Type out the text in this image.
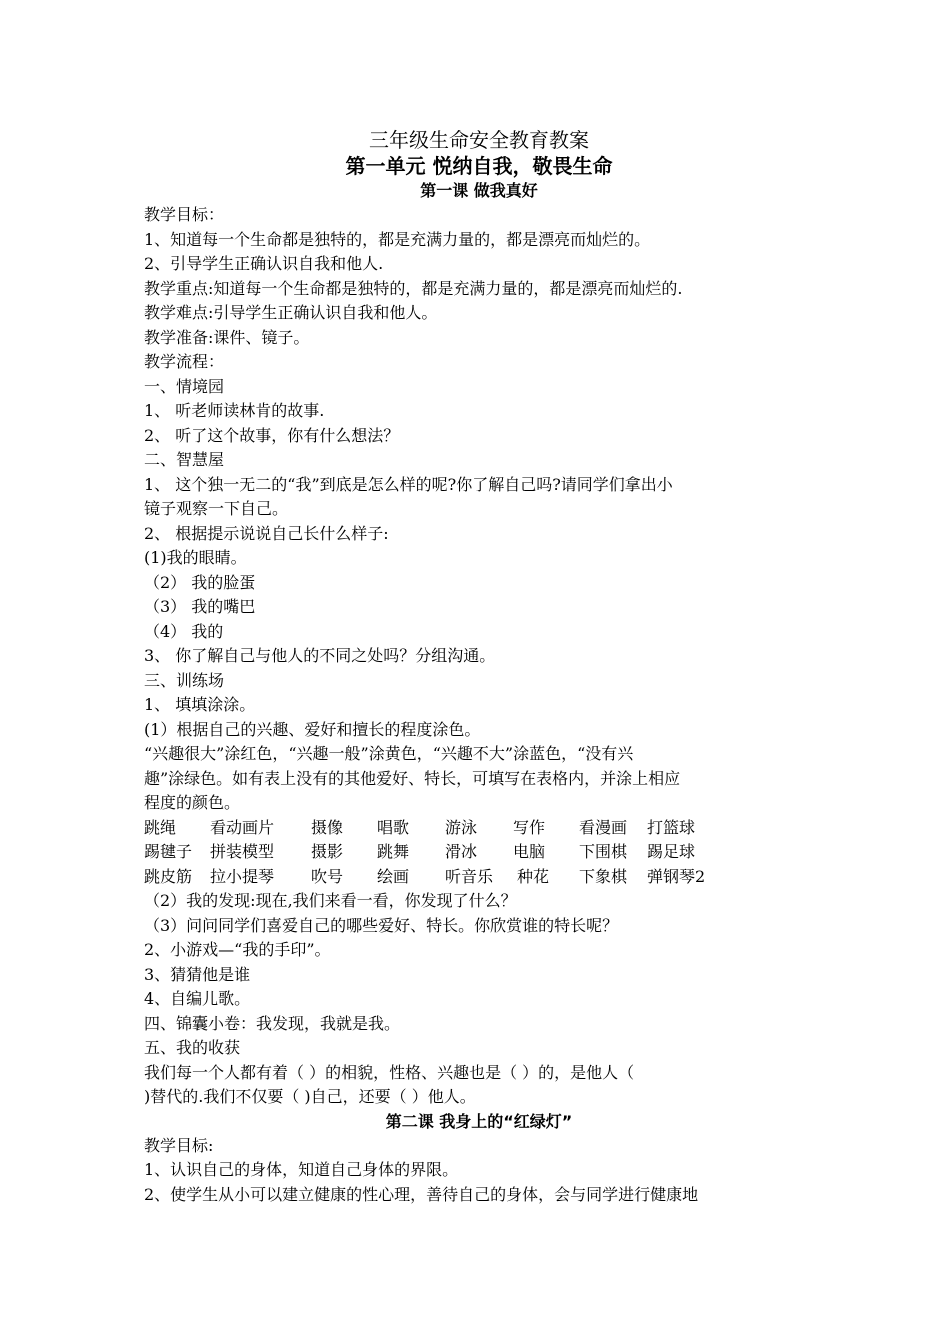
三年级生命安全教育教案
第一单元 悦纳自我，敬畏生命
第一课 做我真好
教学目标：
1、知道每一个生命都是独特的，都是充满力量的，都是漂亮而灿烂的。
2、引导学生正确认识自我和他人.
教学重点:知道每一个生命都是独特的，都是充满力量的，都是漂亮而灿烂的.
教学难点:引导学生正确认识自我和他人。
教学准备:课件、镜子。
教学流程：
一、情境园
1、 听老师读林肯的故事.
2、 听了这个故事，你有什么想法？
二、智慧屋
1、 这个独一无二的“我”到底是怎么样的呢?你了解自己吗?请同学们拿出小
镜子观察一下自己。
2、 根据提示说说自己长什么样子:
(1)我的眼睛。
（2） 我的脸蛋
（3） 我的嘴巴
（4） 我的
3、 你了解自己与他人的不同之处吗？分组沟通。
三、训练场
1、 填填涂涂。
(1）根据自己的兴趣、爱好和擅长的程度涂色。
“兴趣很大”涂红色，“兴趣一般”涂黄色，“兴趣不大”涂蓝色，“没有兴
趣”涂绿色。如有表上没有的其他爱好、特长，可填写在表格内，并涂上相应
程度的颜色。
跳绳 看动画片 摄像 唱歌 游泳 写作 看漫画 打篮球
踢毽子 拼装模型 摄影 跳舞 滑冰 电脑 下围棋 踢足球
跳皮筋 拉小提琴 吹号 绘画 听音乐 种花 下象棋 弹钢琴2
（2）我的发现:现在,我们来看一看，你发现了什么？
（3）问问同学们喜爱自己的哪些爱好、特长。你欣赏谁的特长呢？
2、小游戏—“我的手印”。
3、猜猜他是谁
4、自编儿歌。
四、锦囊小卷：我发现，我就是我。
五、我的收获
我们每一个人都有着（ ）的相貌，性格、兴趣也是（ ）的，是他人（
)替代的.我们不仅要（ )自己，还要（ ）他人。
第二课 我身上的“红绿灯”
教学目标:
1、认识自己的身体，知道自己身体的界限。
2、使学生从小可以建立健康的性心理，善待自己的身体，会与同学进行健康地
